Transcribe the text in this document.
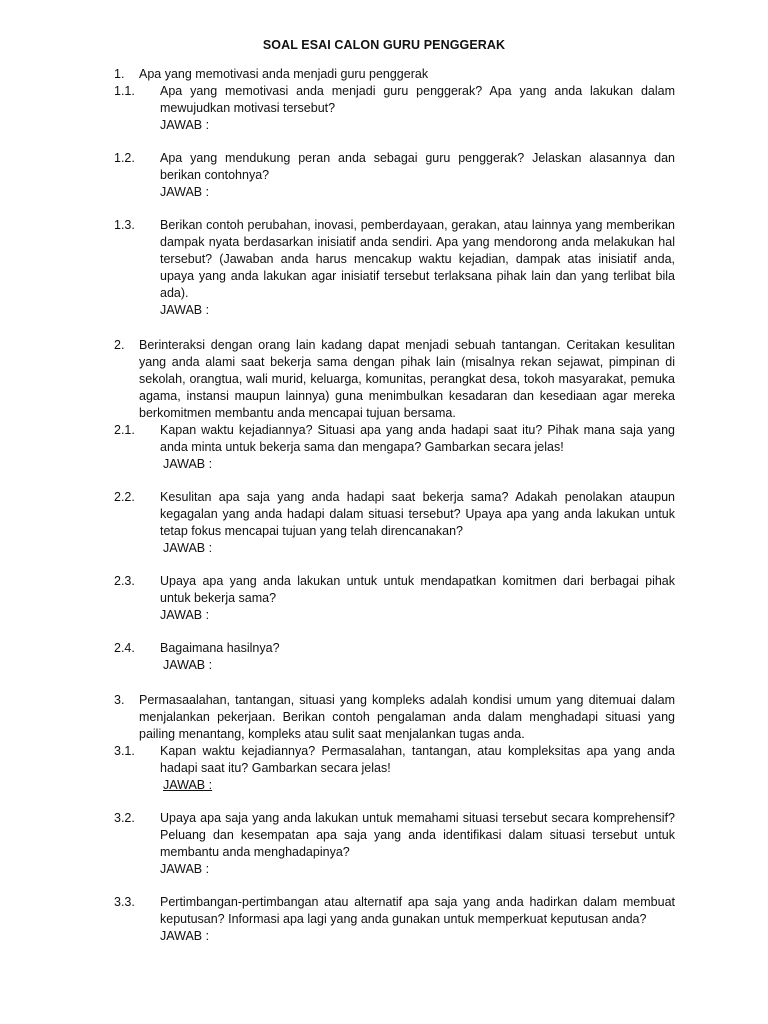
SOAL ESAI CALON GURU PENGGERAK
1. Apa yang memotivasi anda menjadi guru penggerak
1.1. Apa yang memotivasi anda menjadi guru penggerak? Apa yang anda lakukan dalam mewujudkan motivasi tersebut?
JAWAB :
1.2. Apa yang mendukung peran anda sebagai guru penggerak? Jelaskan alasannya dan berikan contohnya?
JAWAB :
1.3. Berikan contoh perubahan, inovasi, pemberdayaan, gerakan, atau lainnya yang memberikan dampak nyata berdasarkan inisiatif anda sendiri. Apa yang mendorong anda melakukan hal tersebut? (Jawaban anda harus mencakup waktu kejadian, dampak atas inisiatif anda, upaya yang anda lakukan agar inisiatif tersebut terlaksana pihak lain dan yang terlibat bila ada).
JAWAB :
2. Berinteraksi dengan orang lain kadang dapat menjadi sebuah tantangan. Ceritakan kesulitan yang anda alami saat bekerja sama dengan pihak lain (misalnya rekan sejawat, pimpinan di sekolah, orangtua, wali murid, keluarga, komunitas, perangkat desa, tokoh masyarakat, pemuka agama, instansi maupun lainnya) guna menimbulkan kesadaran dan kesediaan agar mereka berkomitmen membantu anda mencapai tujuan bersama.
2.1. Kapan waktu kejadiannya? Situasi apa yang anda hadapi saat itu? Pihak mana saja yang anda minta untuk bekerja sama dan mengapa? Gambarkan secara jelas!
JAWAB :
2.2. Kesulitan apa saja yang anda hadapi saat bekerja sama? Adakah penolakan ataupun kegagalan yang anda hadapi dalam situasi tersebut? Upaya apa yang anda lakukan untuk tetap fokus mencapai tujuan yang telah direncanakan?
JAWAB :
2.3. Upaya apa yang anda lakukan untuk untuk mendapatkan komitmen dari berbagai pihak untuk bekerja sama?
JAWAB :
2.4. Bagaimana hasilnya?
JAWAB :
3. Permasaalahan, tantangan, situasi yang kompleks adalah kondisi umum yang ditemuai dalam menjalankan pekerjaan. Berikan contoh pengalaman anda dalam menghadapi situasi yang pailing menantang, kompleks atau sulit saat menjalankan tugas anda.
3.1. Kapan waktu kejadiannya? Permasalahan, tantangan, atau kompleksitas apa yang anda hadapi saat itu? Gambarkan secara jelas!
JAWAB :
3.2. Upaya apa saja yang anda lakukan untuk memahami situasi tersebut secara komprehensif? Peluang dan kesempatan apa saja yang anda identifikasi dalam situasi tersebut untuk membantu anda menghadapinya?
JAWAB :
3.3. Pertimbangan-pertimbangan atau alternatif apa saja yang anda hadirkan dalam membuat keputusan? Informasi apa lagi yang anda gunakan untuk memperkuat keputusan anda?
JAWAB :
